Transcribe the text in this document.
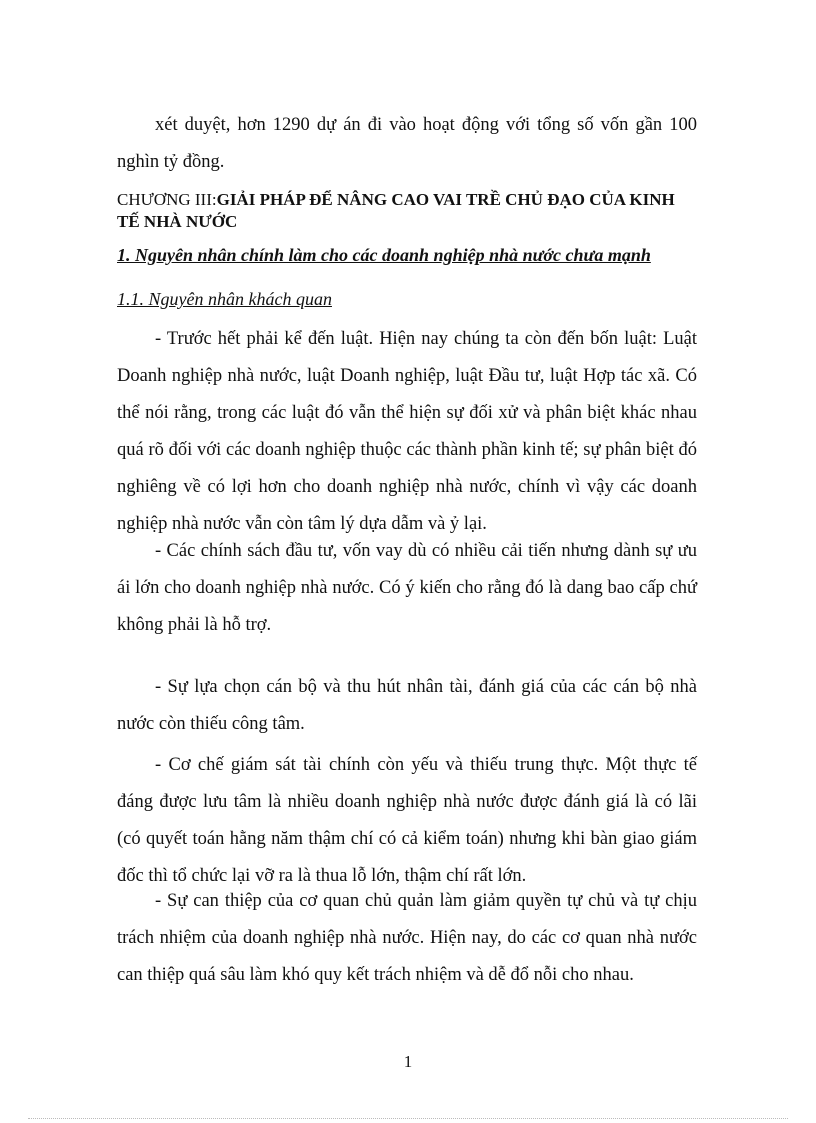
xét duyệt, hơn 1290 dự án đi vào hoạt động với tổng số vốn gần 100 nghìn tỷ đồng.
CHƯƠNG III:GIẢI PHÁP ĐỂ NÂNG CAO VAI TRỀ CHỦ ĐẠO CỦA KINH TẾ NHÀ NƯỚC
1. Nguyên nhân chính làm cho các doanh nghiệp nhà nước chưa mạnh
1.1. Nguyên nhân khách quan
- Trước hết phải kể đến luật. Hiện nay chúng ta còn đến bốn luật: Luật Doanh nghiệp nhà nước, luật Doanh nghiệp, luật Đầu tư, luật Hợp tác xã. Có thể nói rằng, trong các luật đó vẫn thể hiện sự đối xử và phân biệt khác nhau quá rõ đối với các doanh nghiệp thuộc các thành phần kinh tế; sự phân biệt đó nghiêng về có lợi hơn cho doanh nghiệp nhà nước, chính vì vậy các doanh nghiệp nhà nước vẫn còn tâm lý dựa dẫm và ỷ lại.
- Các chính sách đầu tư, vốn vay dù có nhiều cải tiến nhưng dành sự ưu ái lớn cho doanh nghiệp nhà nước. Có ý kiến cho rằng đó là dang bao cấp chứ không phải là hỗ trợ.
- Sự lựa chọn cán bộ và thu hút nhân tài, đánh giá của các cán bộ nhà nước còn thiếu công tâm.
- Cơ chế giám sát tài chính còn yếu và thiếu trung thực. Một thực tế đáng được lưu tâm là nhiều doanh nghiệp nhà nước được đánh giá là có lãi (có quyết toán hằng năm thậm chí có cả kiểm toán) nhưng khi bàn giao giám đốc thì tổ chức lại vỡ ra là thua lỗ lớn, thậm chí rất lớn.
- Sự can thiệp của cơ quan chủ quản làm giảm quyền tự chủ và tự chịu trách nhiệm của doanh nghiệp nhà nước. Hiện nay, do các cơ quan nhà nước can thiệp quá sâu làm khó quy kết trách nhiệm và dễ đổ nỗi cho nhau.
1
